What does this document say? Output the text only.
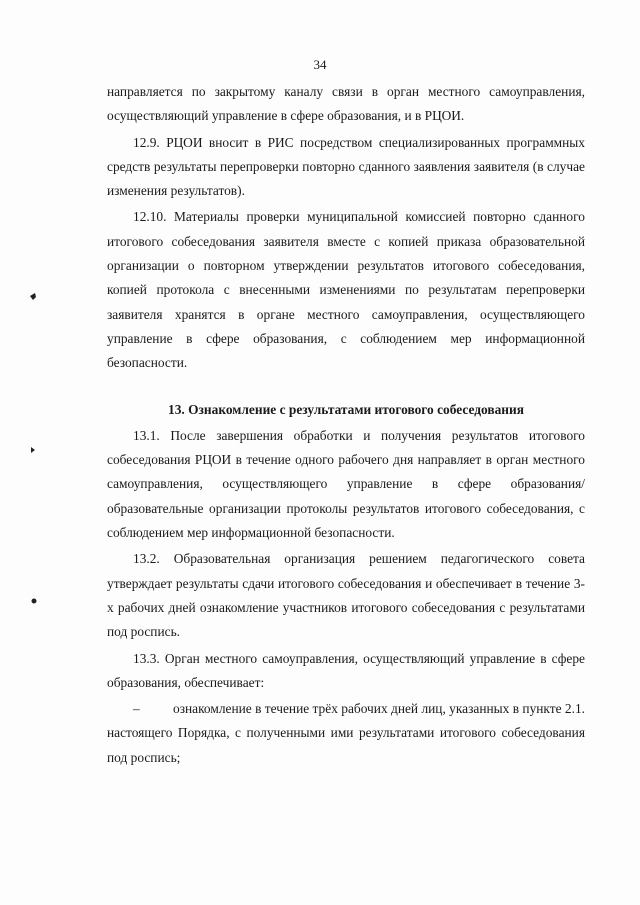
34

направляется по закрытому каналу связи в орган местного самоуправления, осуществляющий управление в сфере образования, и в РЦОИ.

12.9. РЦОИ вносит в РИС посредством специализированных программных средств результаты перепроверки повторно сданного заявления заявителя (в случае изменения результатов).

12.10. Материалы проверки муниципальной комиссией повторно сданного итогового собеседования заявителя вместе с копией приказа образовательной организации о повторном утверждении результатов итогового собеседования, копией протокола с внесенными изменениями по результатам перепроверки заявителя хранятся в органе местного самоуправления, осуществляющего управление в сфере образования, с соблюдением мер информационной безопасности.

13. Ознакомление с результатами итогового собеседования

13.1. После завершения обработки и получения результатов итогового собеседования РЦОИ в течение одного рабочего дня направляет в орган местного самоуправления, осуществляющего управление в сфере образования/образовательные организации протоколы результатов итогового собеседования, с соблюдением мер информационной безопасности.

13.2. Образовательная организация решением педагогического совета утверждает результаты сдачи итогового собеседования и обеспечивает в течение 3-х рабочих дней ознакомление участников итогового собеседования с результатами под роспись.

13.3. Орган местного самоуправления, осуществляющий управление в сфере образования, обеспечивает:

– ознакомление в течение трёх рабочих дней лиц, указанных в пункте 2.1. настоящего Порядка, с полученными ими результатами итогового собеседования под роспись;
